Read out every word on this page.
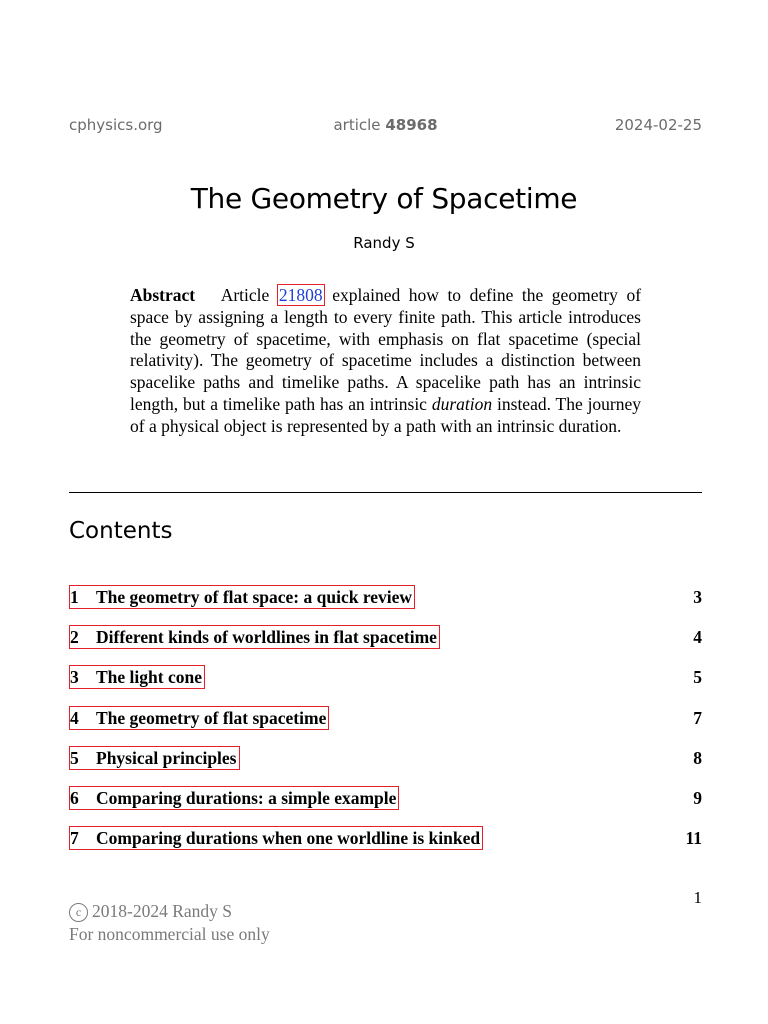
cphysics.org	article 48968	2024-02-25
The Geometry of Spacetime
Randy S
Abstract Article 21808 explained how to define the geometry of space by assigning a length to every finite path. This article introduces the geometry of spacetime, with emphasis on flat spacetime (special relativity). The geometry of spacetime includes a distinction between spacelike paths and timelike paths. A spacelike path has an intrinsic length, but a timelike path has an intrinsic duration instead. The journey of a physical object is represented by a path with an intrinsic duration.
Contents
1 The geometry of flat space: a quick review	3
2 Different kinds of worldlines in flat spacetime	4
3 The light cone	5
4 The geometry of flat spacetime	7
5 Physical principles	8
6 Comparing durations: a simple example	9
7 Comparing durations when one worldline is kinked	11
1
c 2018-2024 Randy S
For noncommercial use only
